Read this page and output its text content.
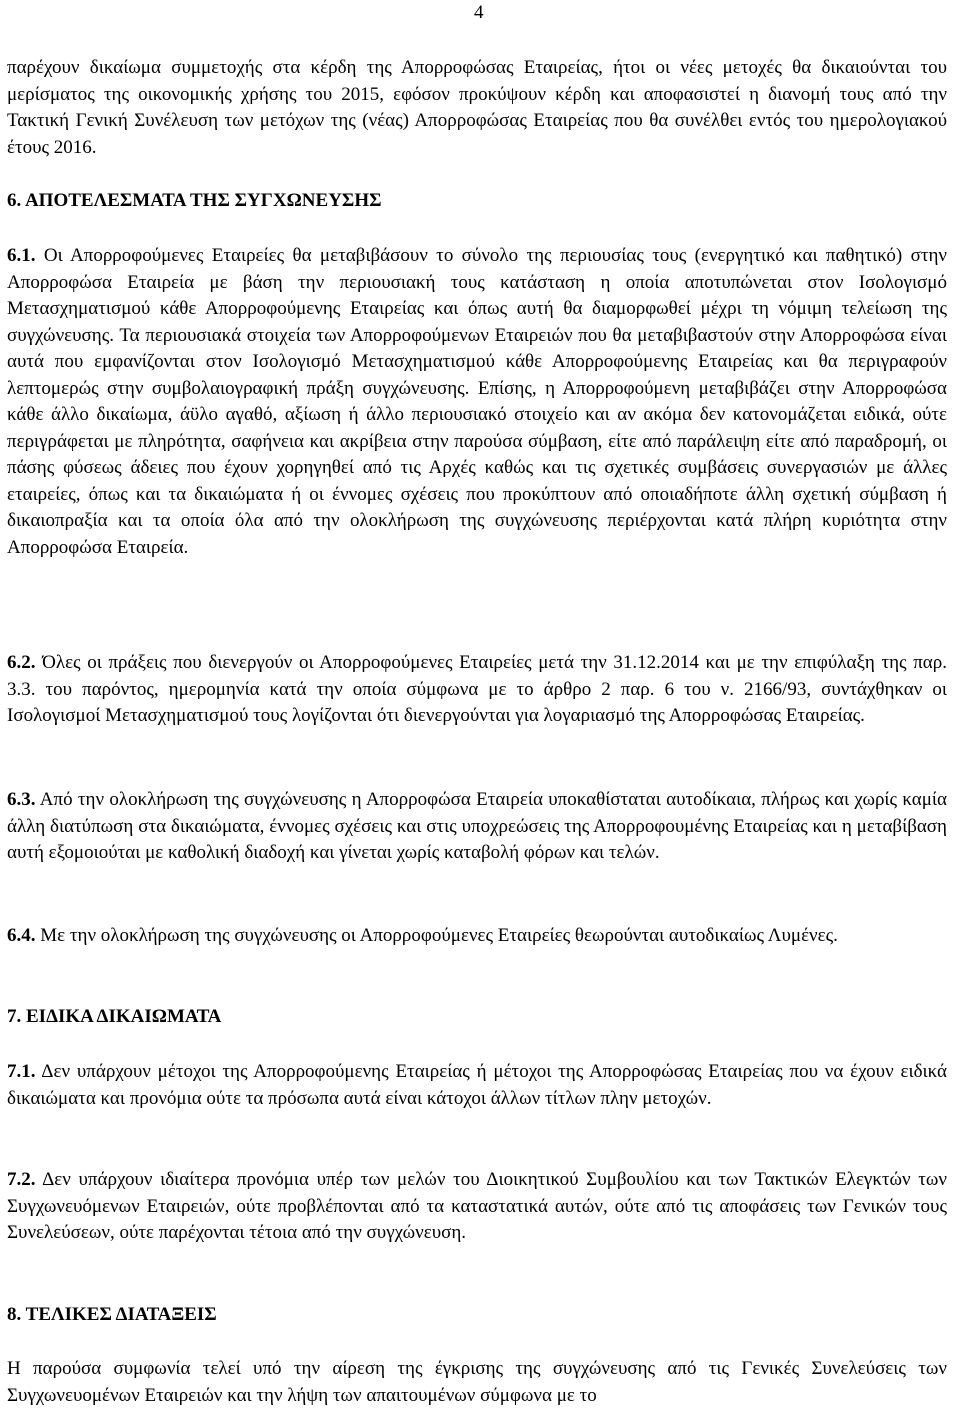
4

παρέχουν δικαίωμα συμμετοχής στα κέρδη της Απορροφώσας Εταιρείας, ήτοι οι νέες μετοχές θα δικαιούνται του μερίσματος της οικονομικής χρήσης του 2015, εφόσον προκύψουν κέρδη και αποφασιστεί η διανομή τους από την Τακτική Γενική Συνέλευση των μετόχων της (νέας) Απορροφώσας Εταιρείας που θα συνέλθει εντός του ημερολογιακού έτους 2016.

6. ΑΠΟΤΕΛΕΣΜΑΤΑ ΤΗΣ ΣΥΓΧΩΝΕΥΣΗΣ

6.1. Οι Απορροφούμενες Εταιρείες θα μεταβιβάσουν το σύνολο της περιουσίας τους (ενεργητικό και παθητικό) στην Απορροφώσα Εταιρεία με βάση την περιουσιακή τους κατάσταση η οποία αποτυπώνεται στον Ισολογισμό Μετασχηματισμού κάθε Απορροφούμενης Εταιρείας και όπως αυτή θα διαμορφωθεί μέχρι τη νόμιμη τελείωση της συγχώνευσης. Τα περιουσιακά στοιχεία των Απορροφούμενων Εταιρειών που θα μεταβιβαστούν στην Απορροφώσα είναι αυτά που εμφανίζονται στον Ισολογισμό Μετασχηματισμού κάθε Απορροφούμενης Εταιρείας και θα περιγραφούν λεπτομερώς στην συμβολαιογραφική πράξη συγχώνευσης. Επίσης, η Απορροφούμενη μεταβιβάζει στην Απορροφώσα κάθε άλλο δικαίωμα, άϋλο αγαθό, αξίωση ή άλλο περιουσιακό στοιχείο και αν ακόμα δεν κατονομάζεται ειδικά, ούτε περιγράφεται με πληρότητα, σαφήνεια και ακρίβεια στην παρούσα σύμβαση, είτε από παράλειψη είτε από παραδρομή, οι πάσης φύσεως άδειες που έχουν χορηγηθεί από τις Αρχές καθώς και τις σχετικές συμβάσεις συνεργασιών με άλλες εταιρείες, όπως και τα δικαιώματα ή οι έννομες σχέσεις που προκύπτουν από οποιαδήποτε άλλη σχετική σύμβαση ή δικαιοπραξία και τα οποία όλα από την ολοκλήρωση της συγχώνευσης περιέρχονται κατά πλήρη κυριότητα στην Απορροφώσα Εταιρεία.

6.2. Όλες οι πράξεις που διενεργούν οι Απορροφούμενες Εταιρείες μετά την 31.12.2014 και με την επιφύλαξη της παρ. 3.3. του παρόντος, ημερομηνία κατά την οποία σύμφωνα με το άρθρο 2 παρ. 6 του ν. 2166/93, συντάχθηκαν οι Ισολογισμοί Μετασχηματισμού τους λογίζονται ότι διενεργούνται για λογαριασμό της Απορροφώσας Εταιρείας.

6.3. Από την ολοκλήρωση της συγχώνευσης η Απορροφώσα Εταιρεία υποκαθίσταται αυτοδίκαια, πλήρως και χωρίς καμία άλλη διατύπωση στα δικαιώματα, έννομες σχέσεις και στις υποχρεώσεις της Απορροφουμένης Εταιρείας και η μεταβίβαση αυτή εξομοιούται με καθολική διαδοχή και γίνεται χωρίς καταβολή φόρων και τελών.

6.4. Με την ολοκλήρωση της συγχώνευσης οι Απορροφούμενες Εταιρείες θεωρούνται αυτοδικαίως Λυμένες.

7. ΕΙΔΙΚΑ ΔΙΚΑΙΩΜΑΤΑ

7.1. Δεν υπάρχουν μέτοχοι της Απορροφούμενης Εταιρείας ή μέτοχοι της Απορροφώσας Εταιρείας που να έχουν ειδικά δικαιώματα και προνόμια ούτε τα πρόσωπα αυτά είναι κάτοχοι άλλων τίτλων πλην μετοχών.

7.2. Δεν υπάρχουν ιδιαίτερα προνόμια υπέρ των μελών του Διοικητικού Συμβουλίου και των Τακτικών Ελεγκτών των Συγχωνευόμενων Εταιρειών, ούτε προβλέπονται από τα καταστατικά αυτών, ούτε από τις αποφάσεις των Γενικών τους Συνελεύσεων, ούτε παρέχονται τέτοια από την συγχώνευση.

8. ΤΕΛΙΚΕΣ ΔΙΑΤΑΞΕΙΣ

Η παρούσα συμφωνία τελεί υπό την αίρεση της έγκρισης της συγχώνευσης από τις Γενικές Συνελεύσεις των Συγχωνευομένων Εταιρειών και την λήψη των απαιτουμένων σύμφωνα με το
